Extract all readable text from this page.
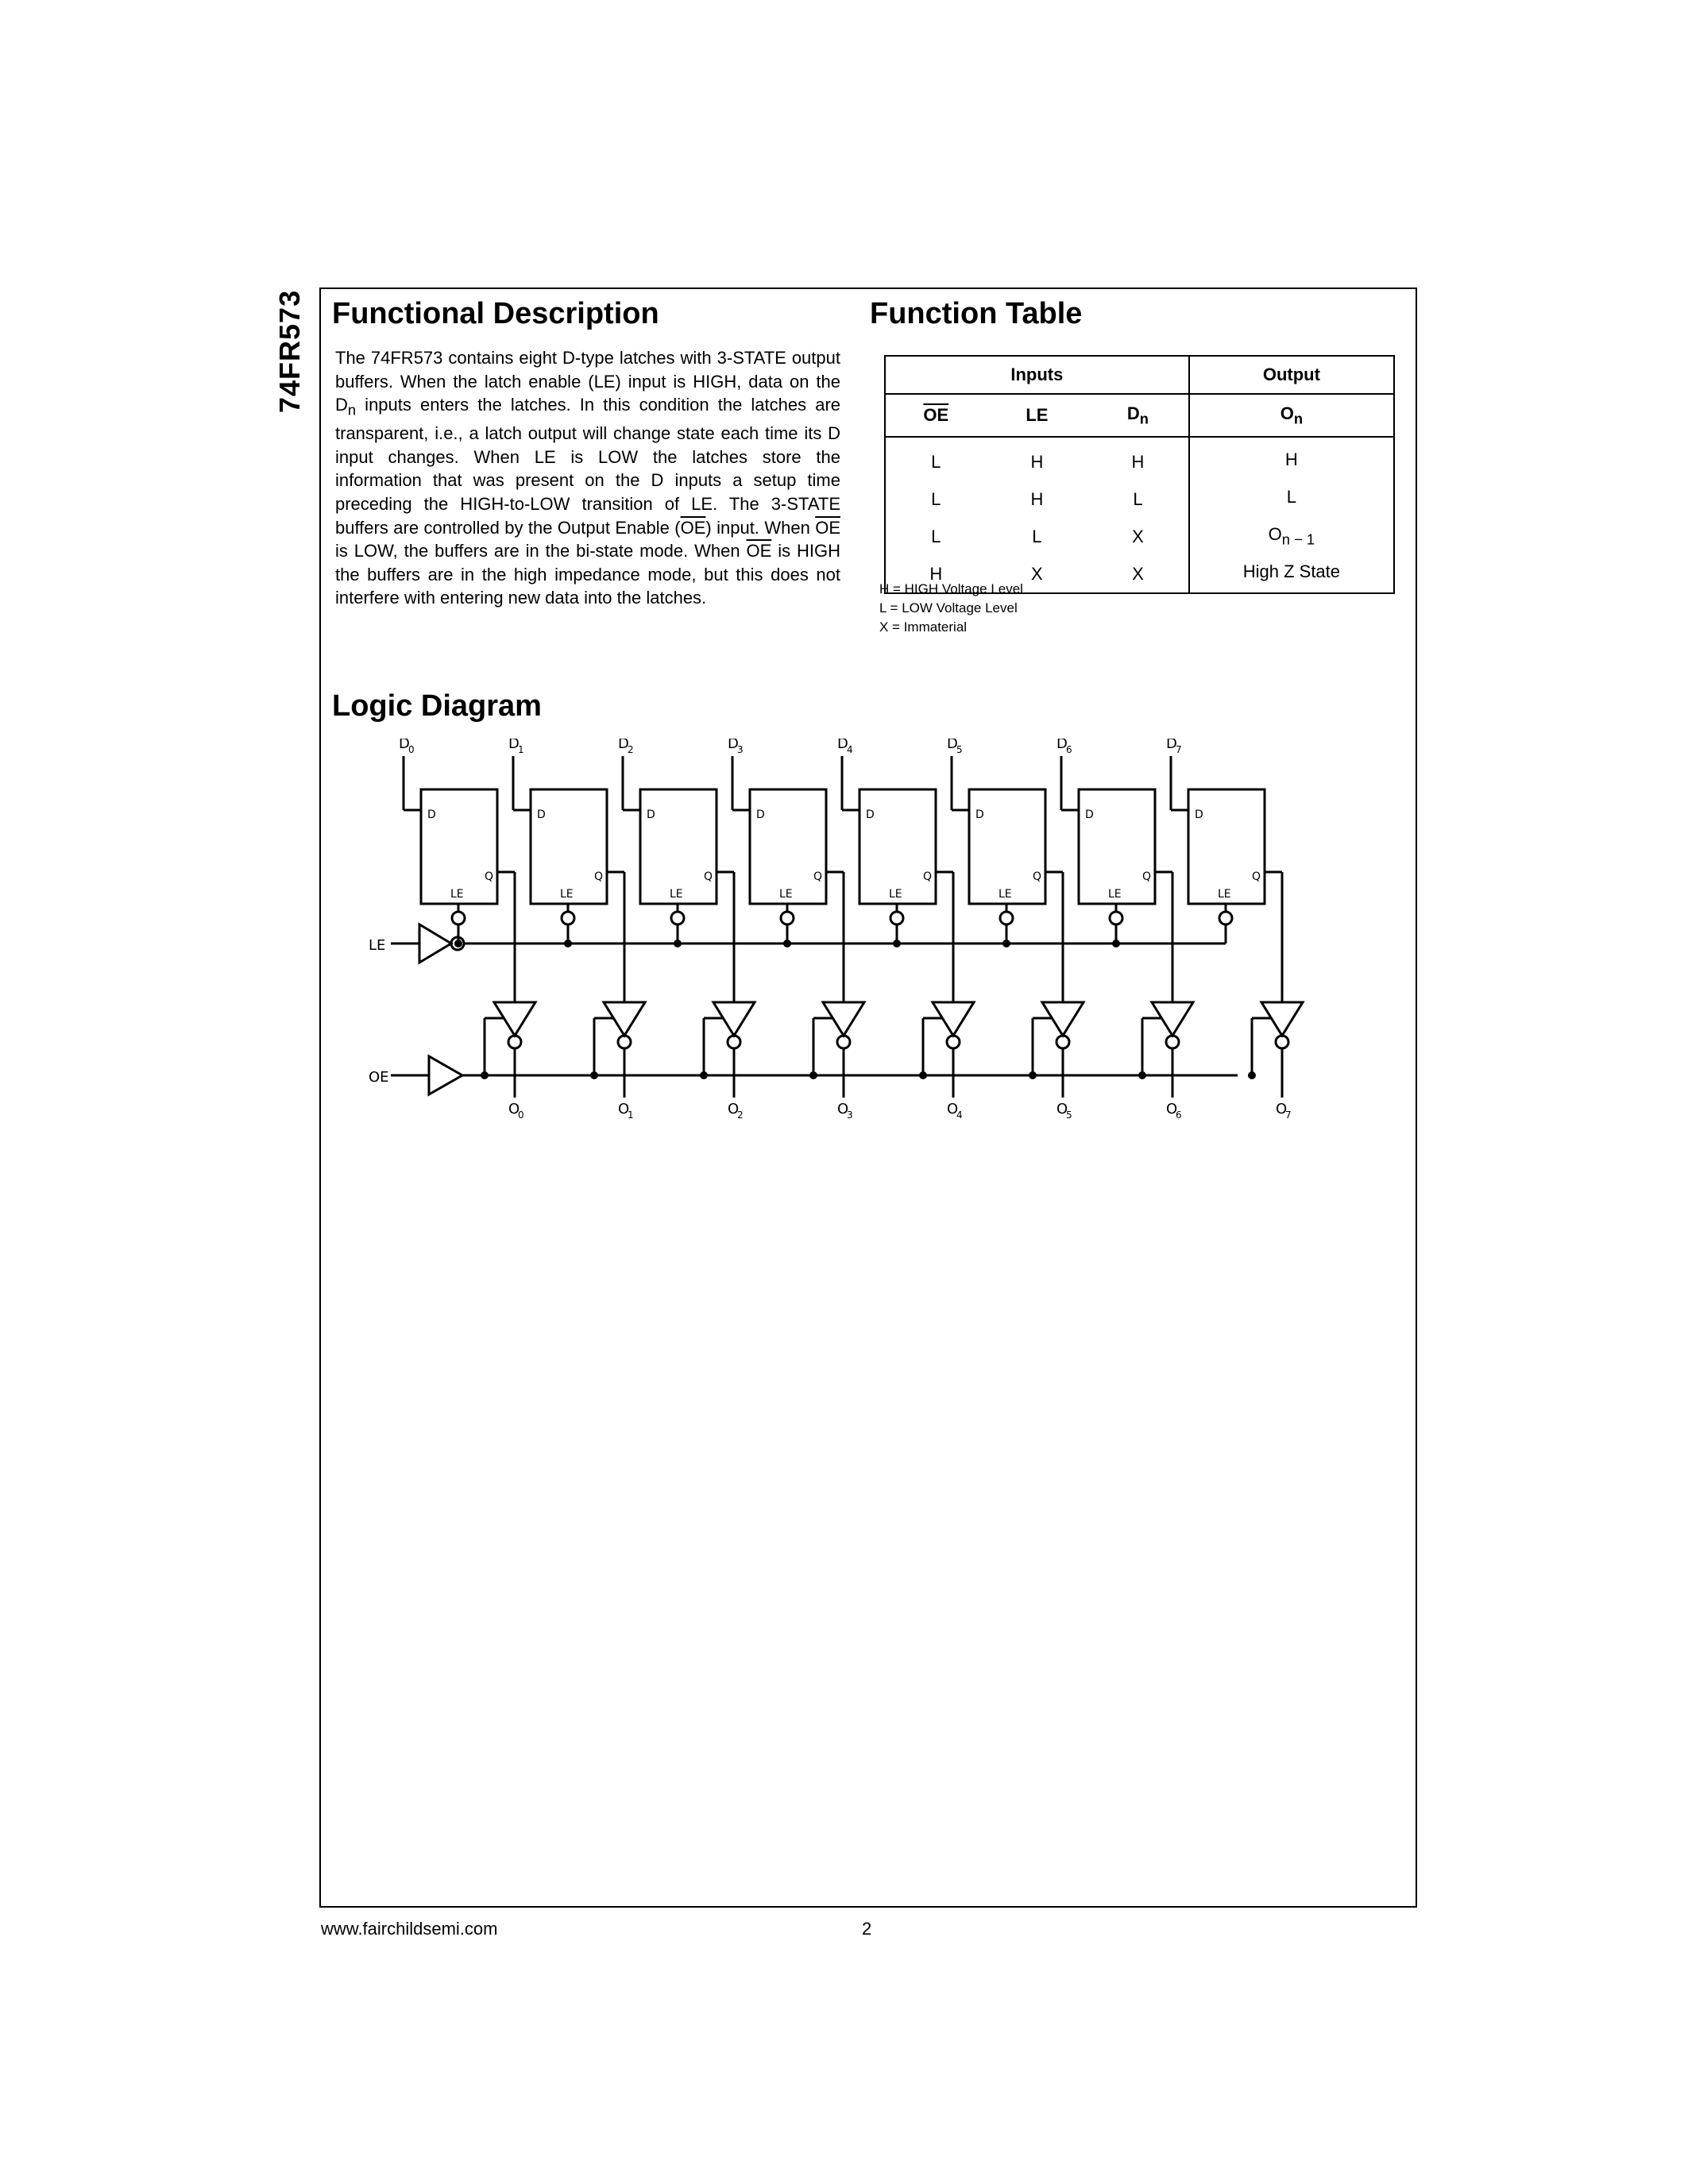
74FR573 Functional Description

The 74FR573 contains eight D-type latches with 3-STATE output buffers. When the latch enable (LE) input is HIGH, data on the $D_n$ inputs enters the latches. In this condition the latches are transparent, i.e., a latch output will change state each time its D input changes. When LE is LOW the latches store the information that was present on the D inputs a setup time preceding the HIGH-to-LOW transition of LE. The 3-STATE buffers are controlled by the Output Enable $(\overline{OE})$ input. When $\overline{OE}$ is LOW, the buffers are in the bi-state mode. When $\overline{OE}$ is HIGH the buffers are in the high impedance mode, but this does not interfere with entering new data into the latches.

Function Table
Inputs			Output
$\overline{OE}$	LE	$D_n$	$O_n$
L	H	H	H
L	H	L	L
L	L	X	$O_{n - 1}$
H	X	X	High Z State
H = HIGH Voltage Level
L = LOW Voltage Level
X = Immaterial
Logic Diagram
LE
OE
D
0
D
Q
LE
O
0
D
1
D
Q
LE
O
1
D
2
D
Q
LE
O
2
D
3
D
Q
LE
O
3
D
4
D
Q
LE
O
4
D
5
D
Q
LE
O
5
D
6
D
Q
LE
O
6
D
7
D
Q
LE
O
7
www.fairchildsemi.com	2
